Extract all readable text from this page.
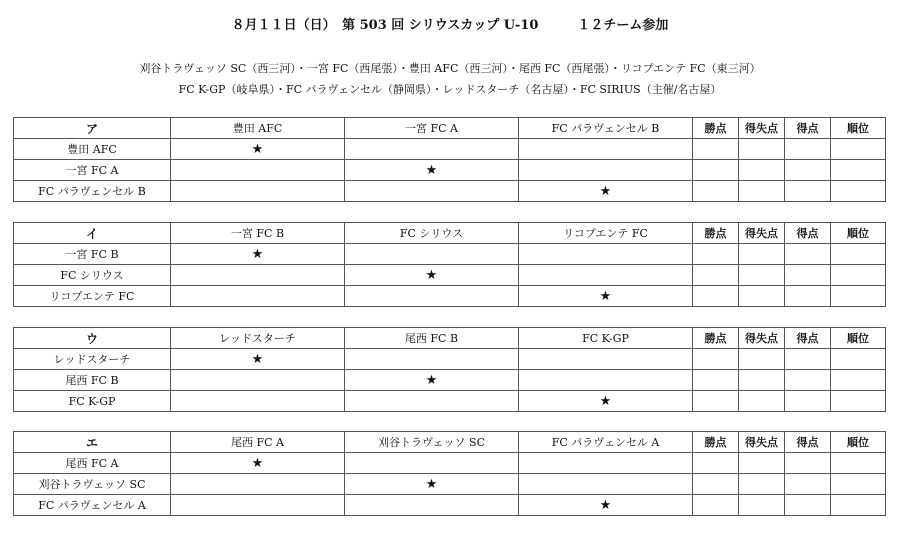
８月１１日（日）　第 503 回 シリウスカップ U-10　　　１２チーム参加
刈谷トラヴェッソ SC（西三河）・一宮 FC（西尾張）・豊田 AFC（西三河）・尾西 FC（西尾張）・リコプエンテ FC（東三河）
FC K-GP（岐阜県）・FC パラヴェンセル（静岡県）・レッドスターチ（名古屋）・FC SIRIUS（主催/名古屋）
ア	豊田 AFC	一宮 FC A	FC パラヴェンセル B	勝点	得失点	得点	順位
豊田 AFC	★						
一宮 FC A		★					
FC パラヴェンセル B			★				
イ	一宮 FC B	FC シリウス	リコプエンテ FC	勝点	得失点	得点	順位
一宮 FC B	★						
FC シリウス		★					
リコプエンテ FC			★				
ウ	レッドスターチ	尾西 FC B	FC K-GP	勝点	得失点	得点	順位
レッドスターチ	★						
尾西 FC B		★					
FC K-GP			★				
エ	尾西 FC A	刈谷トラヴェッソ SC	FC パラヴェンセル A	勝点	得失点	得点	順位
尾西 FC A	★						
刈谷トラヴェッソ SC		★					
FC パラヴェンセル A			★				
